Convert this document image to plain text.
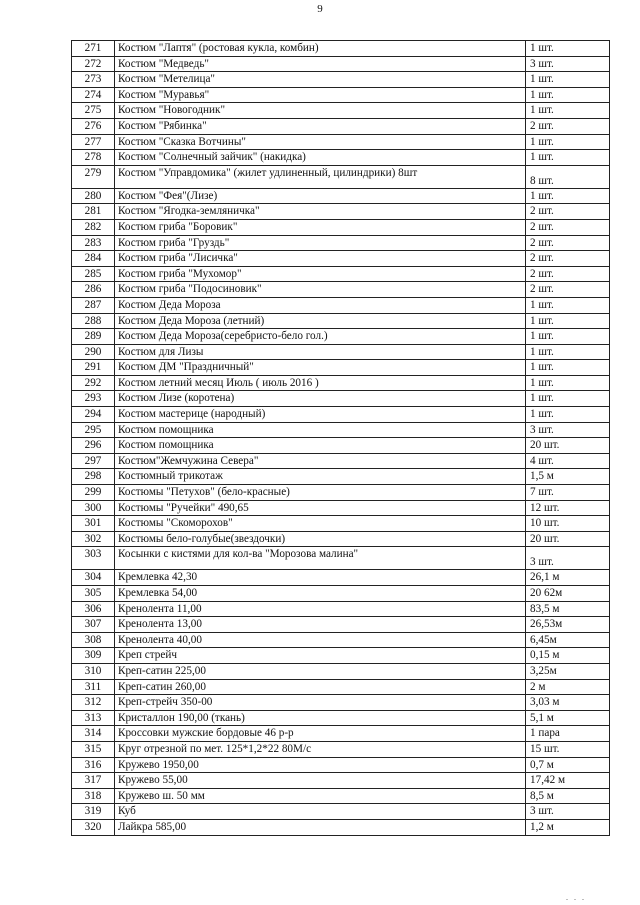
9
271	Костюм "Лаптя" (ростовая кукла, комбин)	1 шт.
272	Костюм "Медведь"	3 шт.
273	Костюм "Метелица"	1 шт.
274	Костюм "Муравья"	1 шт.
275	Костюм "Новогодник"	1 шт.
276	Костюм "Рябинка"	2 шт.
277	Костюм "Сказка Вотчины"	1 шт.
278	Костюм "Солнечный зайчик" (накидка)	1 шт.
279	Костюм "Управдомика" (жилет удлиненный, цилиндрики) 8шт	8 шт.
280	Костюм "Фея"(Лизе)	1 шт.
281	Костюм "Ягодка-земляничка"	2 шт.
282	Костюм гриба "Боровик"	2 шт.
283	Костюм гриба "Груздь"	2 шт.
284	Костюм гриба "Лисичка"	2 шт.
285	Костюм гриба "Мухомор"	2 шт.
286	Костюм гриба "Подосиновик"	2 шт.
287	Костюм Деда Мороза	1 шт.
288	Костюм Деда Мороза (летний)	1 шт.
289	Костюм Деда Мороза(серебристо-бело гол.)	1 шт.
290	Костюм для Лизы	1 шт.
291	Костюм ДМ "Праздничный"	1 шт.
292	Костюм летний месяц Июль ( июль 2016 )	1 шт.
293	Костюм Лизе (коротена)	1 шт.
294	Костюм мастерице (народный)	1 шт.
295	Костюм помощника	3 шт.
296	Костюм помощника	20 шт.
297	Костюм"Жемчужина Севера"	4 шт.
298	Костюмный трикотаж	1,5 м
299	Костюмы "Петухов" (бело-красные)	7 шт.
300	Костюмы "Ручейки" 490,65	12 шт.
301	Костюмы "Скоморохов"	10 шт.
302	Костюмы бело-голубые(звездочки)	20 шт.
303	Косынки с кистями для кол-ва "Морозова малина"	3 шт.
304	Кремлевка 42,30	26,1 м
305	Кремлевка 54,00	20 62м
306	Кренолента 11,00	83,5 м
307	Кренолента 13,00	26,53м
308	Кренолента 40,00	6,45м
309	Креп стрейч	0,15 м
310	Креп-сатин 225,00	3,25м
311	Креп-сатин 260,00	2 м
312	Креп-стрейч 350-00	3,03 м
313	Кристаллон 190,00 (ткань)	5,1 м
314	Кроссовки мужские бордовые 46 р-р	1 пара
315	Круг отрезной по мет. 125*1,2*22 80М/с	15 шт.
316	Кружево 1950,00	0,7 м
317	Кружево 55,00	17,42 м
318	Кружево ш. 50 мм	8,5 м
319	Куб	3 шт.
320	Лайкра 585,00	1,2 м
. . .
